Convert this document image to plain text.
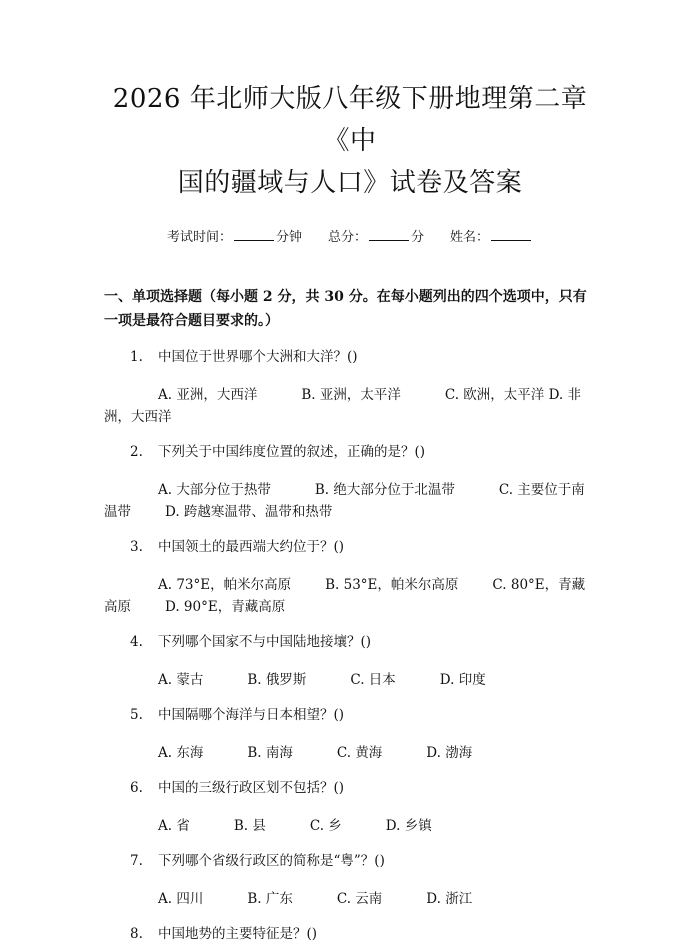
2026 年北师大版八年级下册地理第二章《中
国的疆域与人口》试卷及答案
考试时间：	分钟 总分：	分 姓名：
一、单项选择题（每小题 2 分，共 30 分。在每小题列出的四个选项中，只有一项是最符合题目要求的。）
1. 中国位于世界哪个大洲和大洋？()
A. 亚洲，大西洋	B. 亚洲，太平洋	C. 欧洲，太平洋 D. 非洲，大西洋
2. 下列关于中国纬度位置的叙述，正确的是？()
A. 大部分位于热带	B. 绝大部分位于北温带	C. 主要位于南温带	D. 跨越寒温带、温带和热带
3. 中国领土的最西端大约位于？()
A. 73°E，帕米尔高原	B. 53°E，帕米尔高原	C. 80°E，青藏高原	D. 90°E，青藏高原
4. 下列哪个国家不与中国陆地接壤？()
A. 蒙古	B. 俄罗斯	C. 日本	D. 印度
5. 中国隔哪个海洋与日本相望？()
A. 东海	B. 南海	C. 黄海	D. 渤海
6. 中国的三级行政区划不包括？()
A. 省	B. 县	C. 乡	D. 乡镇
7. 下列哪个省级行政区的简称是“粤”？()
A. 四川	B. 广东	C. 云南	D. 浙江
8. 中国地势的主要特征是？()
